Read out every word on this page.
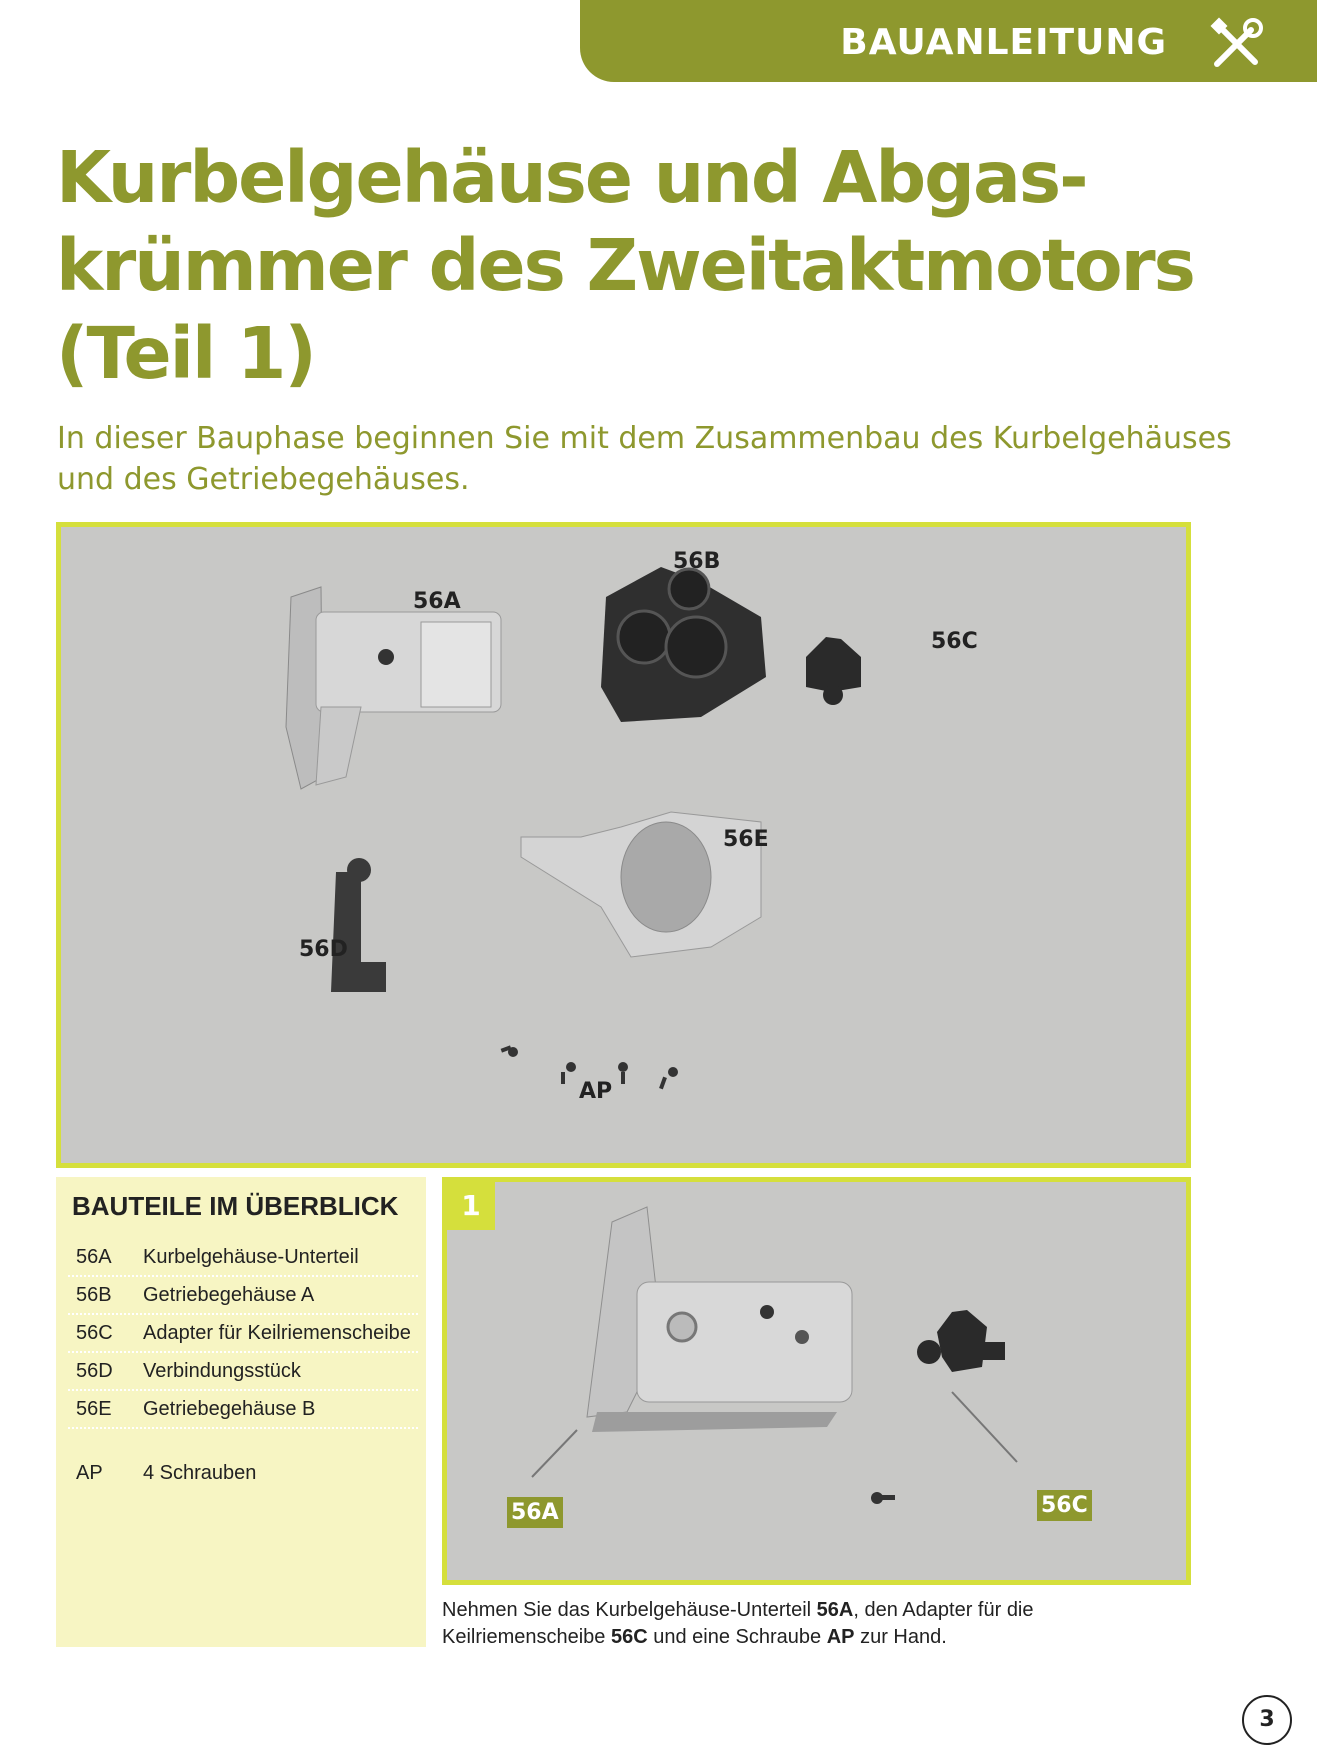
BAUANLEITUNG
Kurbelgehäuse und Abgas-
krümmer des Zweitaktmotors
(Teil 1)
In dieser Bauphase beginnen Sie mit dem Zusammenbau des Kurbelgehäuses und des Getriebegehäuses.
56A
56B
56C
56D
56E
AP
BAUTEILE IM ÜBERBLICK
56A Kurbelgehäuse-Unterteil
56B Getriebegehäuse A
56C Adapter für Keilriemenscheibe
56D Verbindungsstück
56E Getriebegehäuse B
AP 4 Schrauben
1
56A	56C
Nehmen Sie das Kurbelgehäuse-Unterteil 56A, den Adapter für die Keilriemenscheibe 56C und eine Schraube AP zur Hand.
3
